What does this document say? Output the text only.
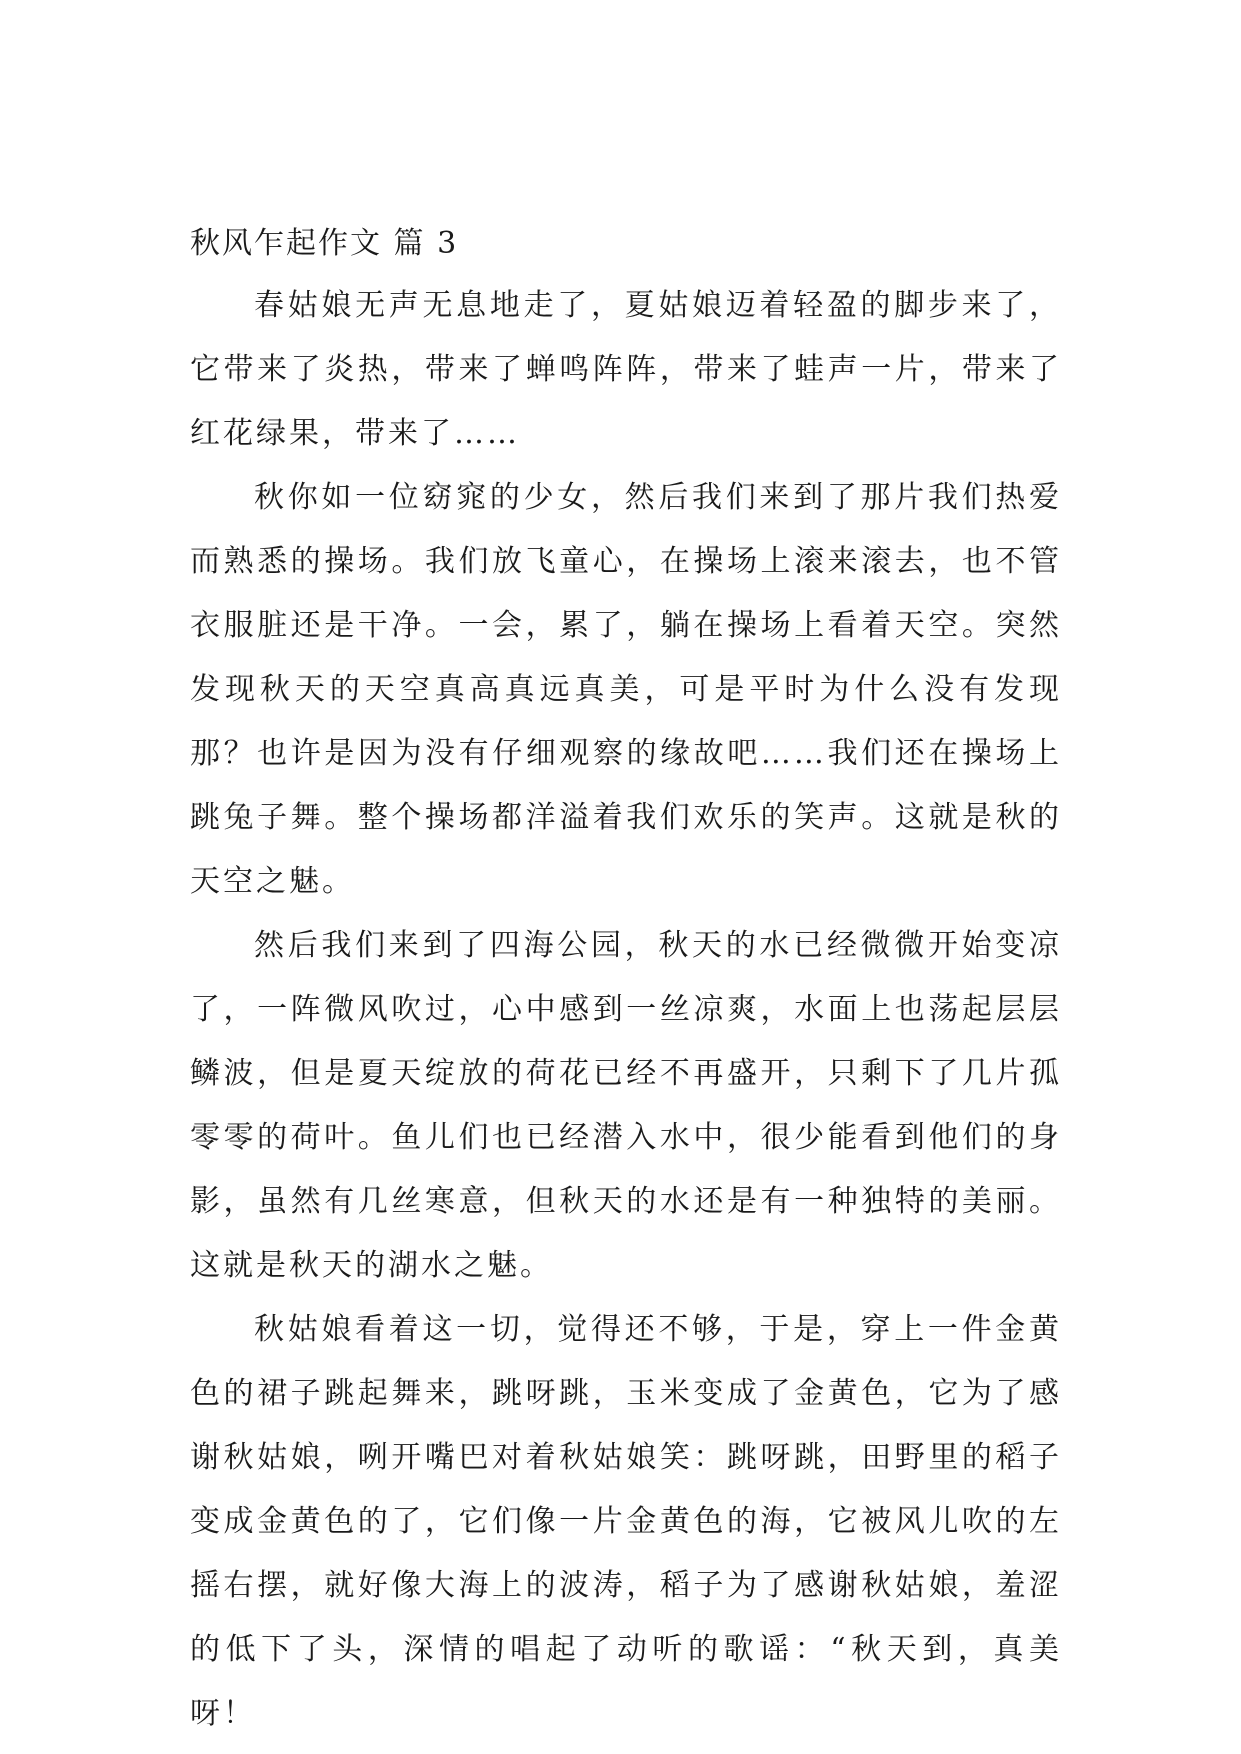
秋风乍起作文 篇 3

春姑娘无声无息地走了，夏姑娘迈着轻盈的脚步来了，它带来了炎热，带来了蝉鸣阵阵，带来了蛙声一片，带来了红花绿果，带来了……

秋你如一位窈窕的少女，然后我们来到了那片我们热爱而熟悉的操场。我们放飞童心，在操场上滚来滚去，也不管衣服脏还是干净。一会，累了，躺在操场上看着天空。突然发现秋天的天空真高真远真美，可是平时为什么没有发现那？也许是因为没有仔细观察的缘故吧……我们还在操场上跳兔子舞。整个操场都洋溢着我们欢乐的笑声。这就是秋的天空之魅。

然后我们来到了四海公园，秋天的水已经微微开始变凉了，一阵微风吹过，心中感到一丝凉爽，水面上也荡起层层鳞波，但是夏天绽放的荷花已经不再盛开，只剩下了几片孤零零的荷叶。鱼儿们也已经潜入水中，很少能看到他们的身影，虽然有几丝寒意，但秋天的水还是有一种独特的美丽。这就是秋天的湖水之魅。

秋姑娘看着这一切，觉得还不够，于是，穿上一件金黄色的裙子跳起舞来，跳呀跳，玉米变成了金黄色，它为了感谢秋姑娘，咧开嘴巴对着秋姑娘笑：跳呀跳，田野里的稻子变成金黄色的了，它们像一片金黄色的海，它被风儿吹的左摇右摆，就好像大海上的波涛，稻子为了感谢秋姑娘，羞涩的低下了头，深情的唱起了动听的歌谣：“秋天到，真美呀！
